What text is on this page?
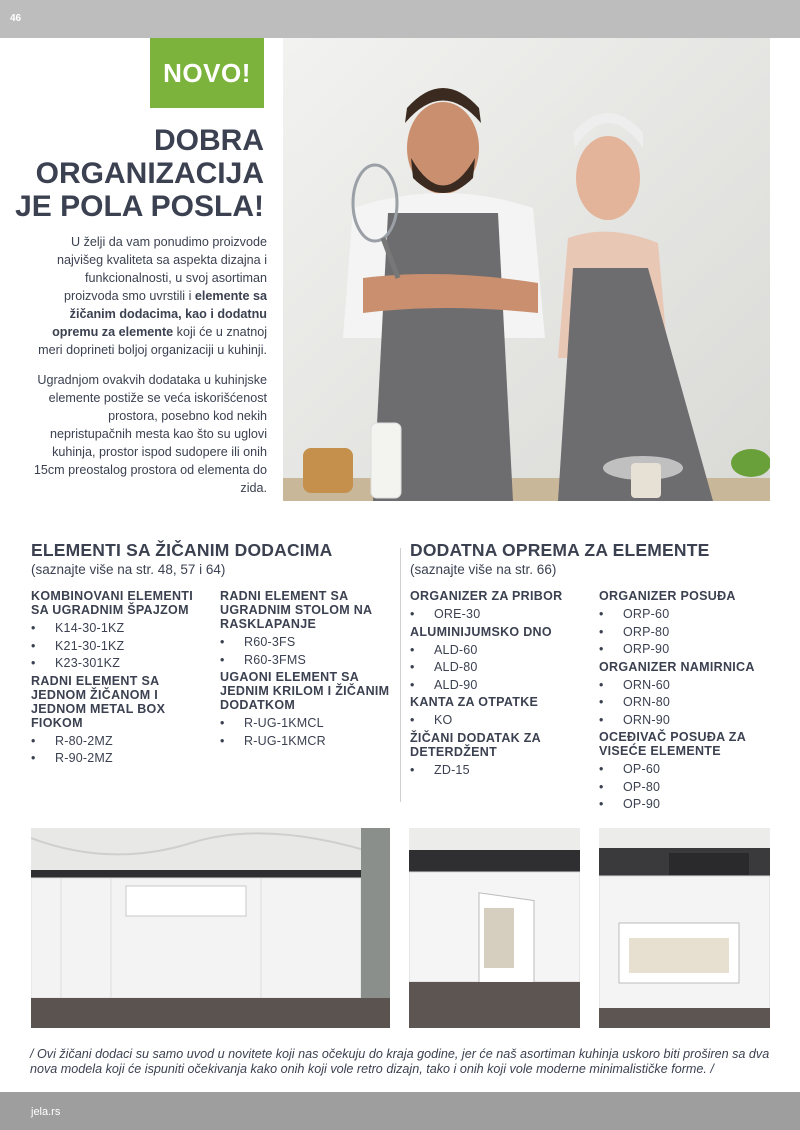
46
NOVO!
DOBRA
ORGANIZACIJA
JE POLA POSLA!

U želji da vam ponudimo proizvode najvišeg kvaliteta sa aspekta dizajna i funkcionalnosti, u svoj asortiman proizvoda smo uvrstili i elemente sa žičanim dodacima, kao i dodatnu opremu za elemente koji će u znatnoj meri doprineti boljoj organizaciji u kuhinji.

Ugradnjom ovakvih dodataka u kuhinjske elemente postiže se veća iskorišćenost prostora, posebno kod nekih nepristupačnih mesta kao što su uglovi kuhinja, prostor ispod sudopere ili onih 15cm preostalog prostora od elementa do zida.

ELEMENTI SA ŽIČANIM DODACIMA
(saznajte više na str. 48, 57 i 64)
KOMBINOVANI ELEMENTI SA UGRADNIM ŠPAJZOM
• K14-30-1KZ
• K21-30-1KZ
• K23-301KZ
RADNI ELEMENT SA JEDNOM ŽIČANOM I JEDNOM METAL BOX FIOKOM
• R-80-2MZ
• R-90-2MZ
RADNI ELEMENT SA UGRADNIM STOLOM NA RASKLAPANJE
• R60-3FS
• R60-3FMS
UGAONI ELEMENT SA JEDNIM KRILOM I ŽIČANIM DODATKOM
• R-UG-1KMCL
• R-UG-1KMCR
DODATNA OPREMA ZA ELEMENTE
(saznajte više na str. 66)
ORGANIZER ZA PRIBOR
• ORE-30
ALUMINIJUMSKO DNO
• ALD-60
• ALD-80
• ALD-90
KANTA ZA OTPATKE
• KO
ŽIČANI DODATAK ZA DETERDŽENT
• ZD-15
ORGANIZER POSUĐA
• ORP-60
• ORP-80
• ORP-90
ORGANIZER NAMIRNICA
• ORN-60
• ORN-80
• ORN-90
OCEĐIVAČ POSUĐA ZA VISEĆE ELEMENTE
• OP-60
• OP-80
• OP-90
/ Ovi žičani dodaci su samo uvod u novitete koji nas očekuju do kraja godine, jer će naš asortiman kuhinja uskoro biti proširen sa dva nova modela koji će ispuniti očekivanja kako onih koji vole retro dizajn, tako i onih koji vole moderne minimalističke forme. /
jela.rs
